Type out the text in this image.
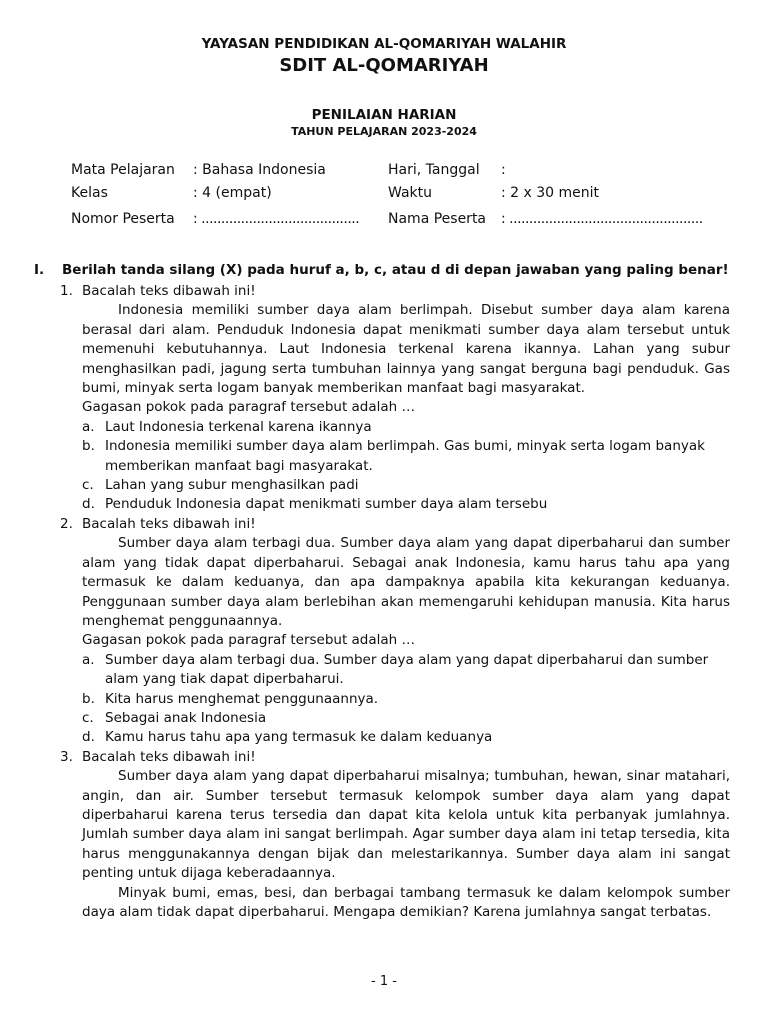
YAYASAN PENDIDIKAN AL-QOMARIYAH WALAHIR
SDIT AL-QOMARIYAH
PENILAIAN HARIAN
TAHUN PELAJARAN 2023-2024
Mata Pelajaran : Bahasa Indonesia
Kelas	: 4 (empat)
Nomor Peserta : ........................................
Hari, Tanggal :
Waktu	: 2 x 30 menit
Nama Peserta : .................................................
I. Berilah tanda silang (X) pada huruf a, b, c, atau d di depan jawaban yang paling benar!
1. Bacalah teks dibawah ini!

Indonesia memiliki sumber daya alam berlimpah. Disebut sumber daya alam karena berasal dari alam. Penduduk Indonesia dapat menikmati sumber daya alam tersebut untuk memenuhi kebutuhannya. Laut Indonesia terkenal karena ikannya. Lahan yang subur menghasilkan padi, jagung serta tumbuhan lainnya yang sangat berguna bagi penduduk. Gas bumi, minyak serta logam banyak memberikan manfaat bagi masyarakat.

Gagasan pokok pada paragraf tersebut adalah …
a. Laut Indonesia terkenal karena ikannya
b. Indonesia memiliki sumber daya alam berlimpah. Gas bumi, minyak serta logam banyak memberikan manfaat bagi masyarakat.
c. Lahan yang subur menghasilkan padi
d. Penduduk Indonesia dapat menikmati sumber daya alam tersebu
2. Bacalah teks dibawah ini!

Sumber daya alam terbagi dua. Sumber daya alam yang dapat diperbaharui dan sumber alam yang tidak dapat diperbaharui. Sebagai anak Indonesia, kamu harus tahu apa yang termasuk ke dalam keduanya, dan apa dampaknya apabila kita kekurangan keduanya. Penggunaan sumber daya alam berlebihan akan memengaruhi kehidupan manusia. Kita harus menghemat penggunaannya.

Gagasan pokok pada paragraf tersebut adalah …
a. Sumber daya alam terbagi dua. Sumber daya alam yang dapat diperbaharui dan sumber alam yang tiak dapat diperbaharui.
b. Kita harus menghemat penggunaannya.
c. Sebagai anak Indonesia
d. Kamu harus tahu apa yang termasuk ke dalam keduanya
3. Bacalah teks dibawah ini!

Sumber daya alam yang dapat diperbaharui misalnya; tumbuhan, hewan, sinar matahari, angin, dan air. Sumber tersebut termasuk kelompok sumber daya alam yang dapat diperbaharui karena terus tersedia dan dapat kita kelola untuk kita perbanyak jumlahnya. Jumlah sumber daya alam ini sangat berlimpah. Agar sumber daya alam ini tetap tersedia, kita harus menggunakannya dengan bijak dan melestarikannya. Sumber daya alam ini sangat penting untuk dijaga keberadaannya.

Minyak bumi, emas, besi, dan berbagai tambang termasuk ke dalam kelompok sumber daya alam tidak dapat diperbaharui. Mengapa demikian? Karena jumlahnya sangat terbatas.

- 1 -
